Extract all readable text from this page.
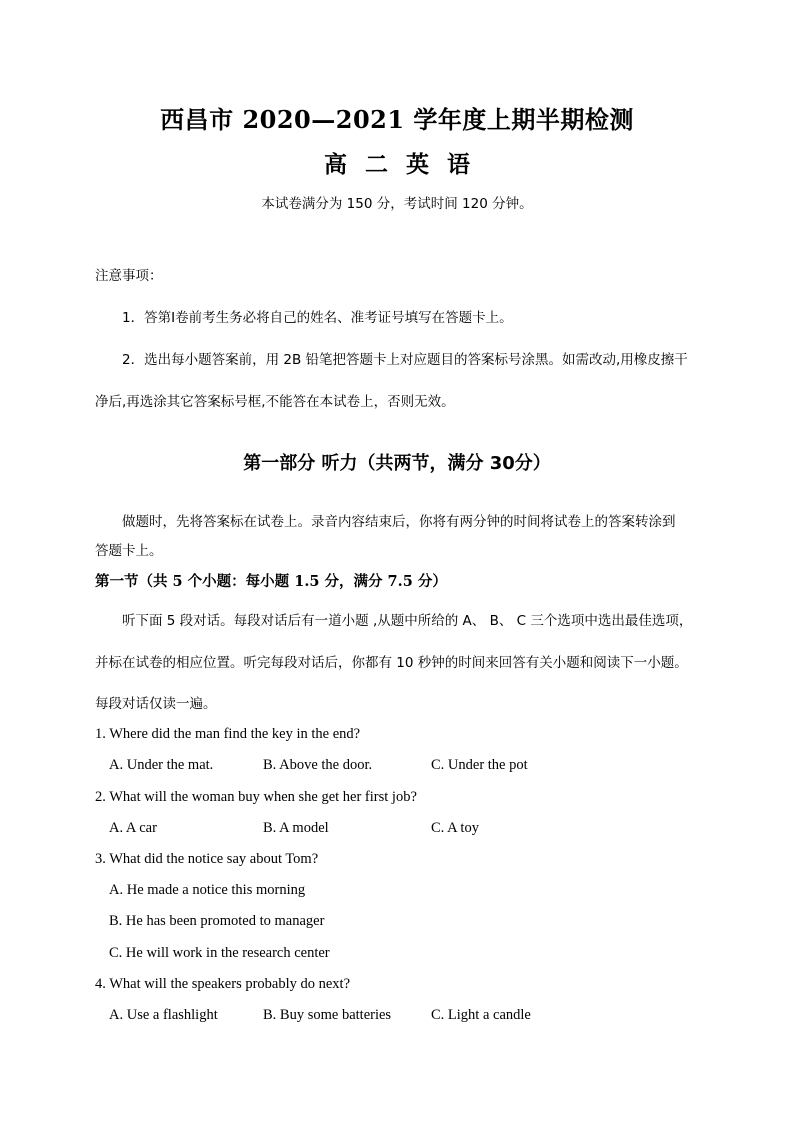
西昌市 2020—2021 学年度上期半期检测
高 二 英 语
本试卷满分为 150 分，考试时间 120 分钟。
注意事项：
1．答第Ⅰ卷前考生务必将自己的姓名、准考证号填写在答题卡上。
2．选出每小题答案前，用 2B 铅笔把答题卡上对应题目的答案标号涂黑。如需改动,用橡皮擦干
净后,再选涂其它答案标号框,不能答在本试卷上，否则无效。
第一部分 听力（共两节，满分 30分）
做题时，先将答案标在试卷上。录音内容结束后，你将有两分钟的时间将试卷上的答案转涂到
答题卡上。
第一节（共 5 个小题：每小题 1.5 分，满分 7.5 分）
听下面 5 段对话。每段对话后有一道小题 ,从题中所给的 A、 B、 C 三个选项中选出最佳选项，
并标在试卷的相应位置。听完每段对话后，你都有 10 秒钟的时间来回答有关小题和阅读下一小题。
每段对话仅读一遍。
1. Where did the man find the key in the end?
A. Under the mat.	B. Above the door.	C. Under the pot
2. What will the woman buy when she get her first job?
A. A car	B. A model	C. A toy
3. What did the notice say about Tom?
A. He made a notice this morning
B. He has been promoted to manager
C. He will work in the research center
4. What will the speakers probably do next?
A. Use a flashlight	B. Buy some batteries	C. Light a candle
